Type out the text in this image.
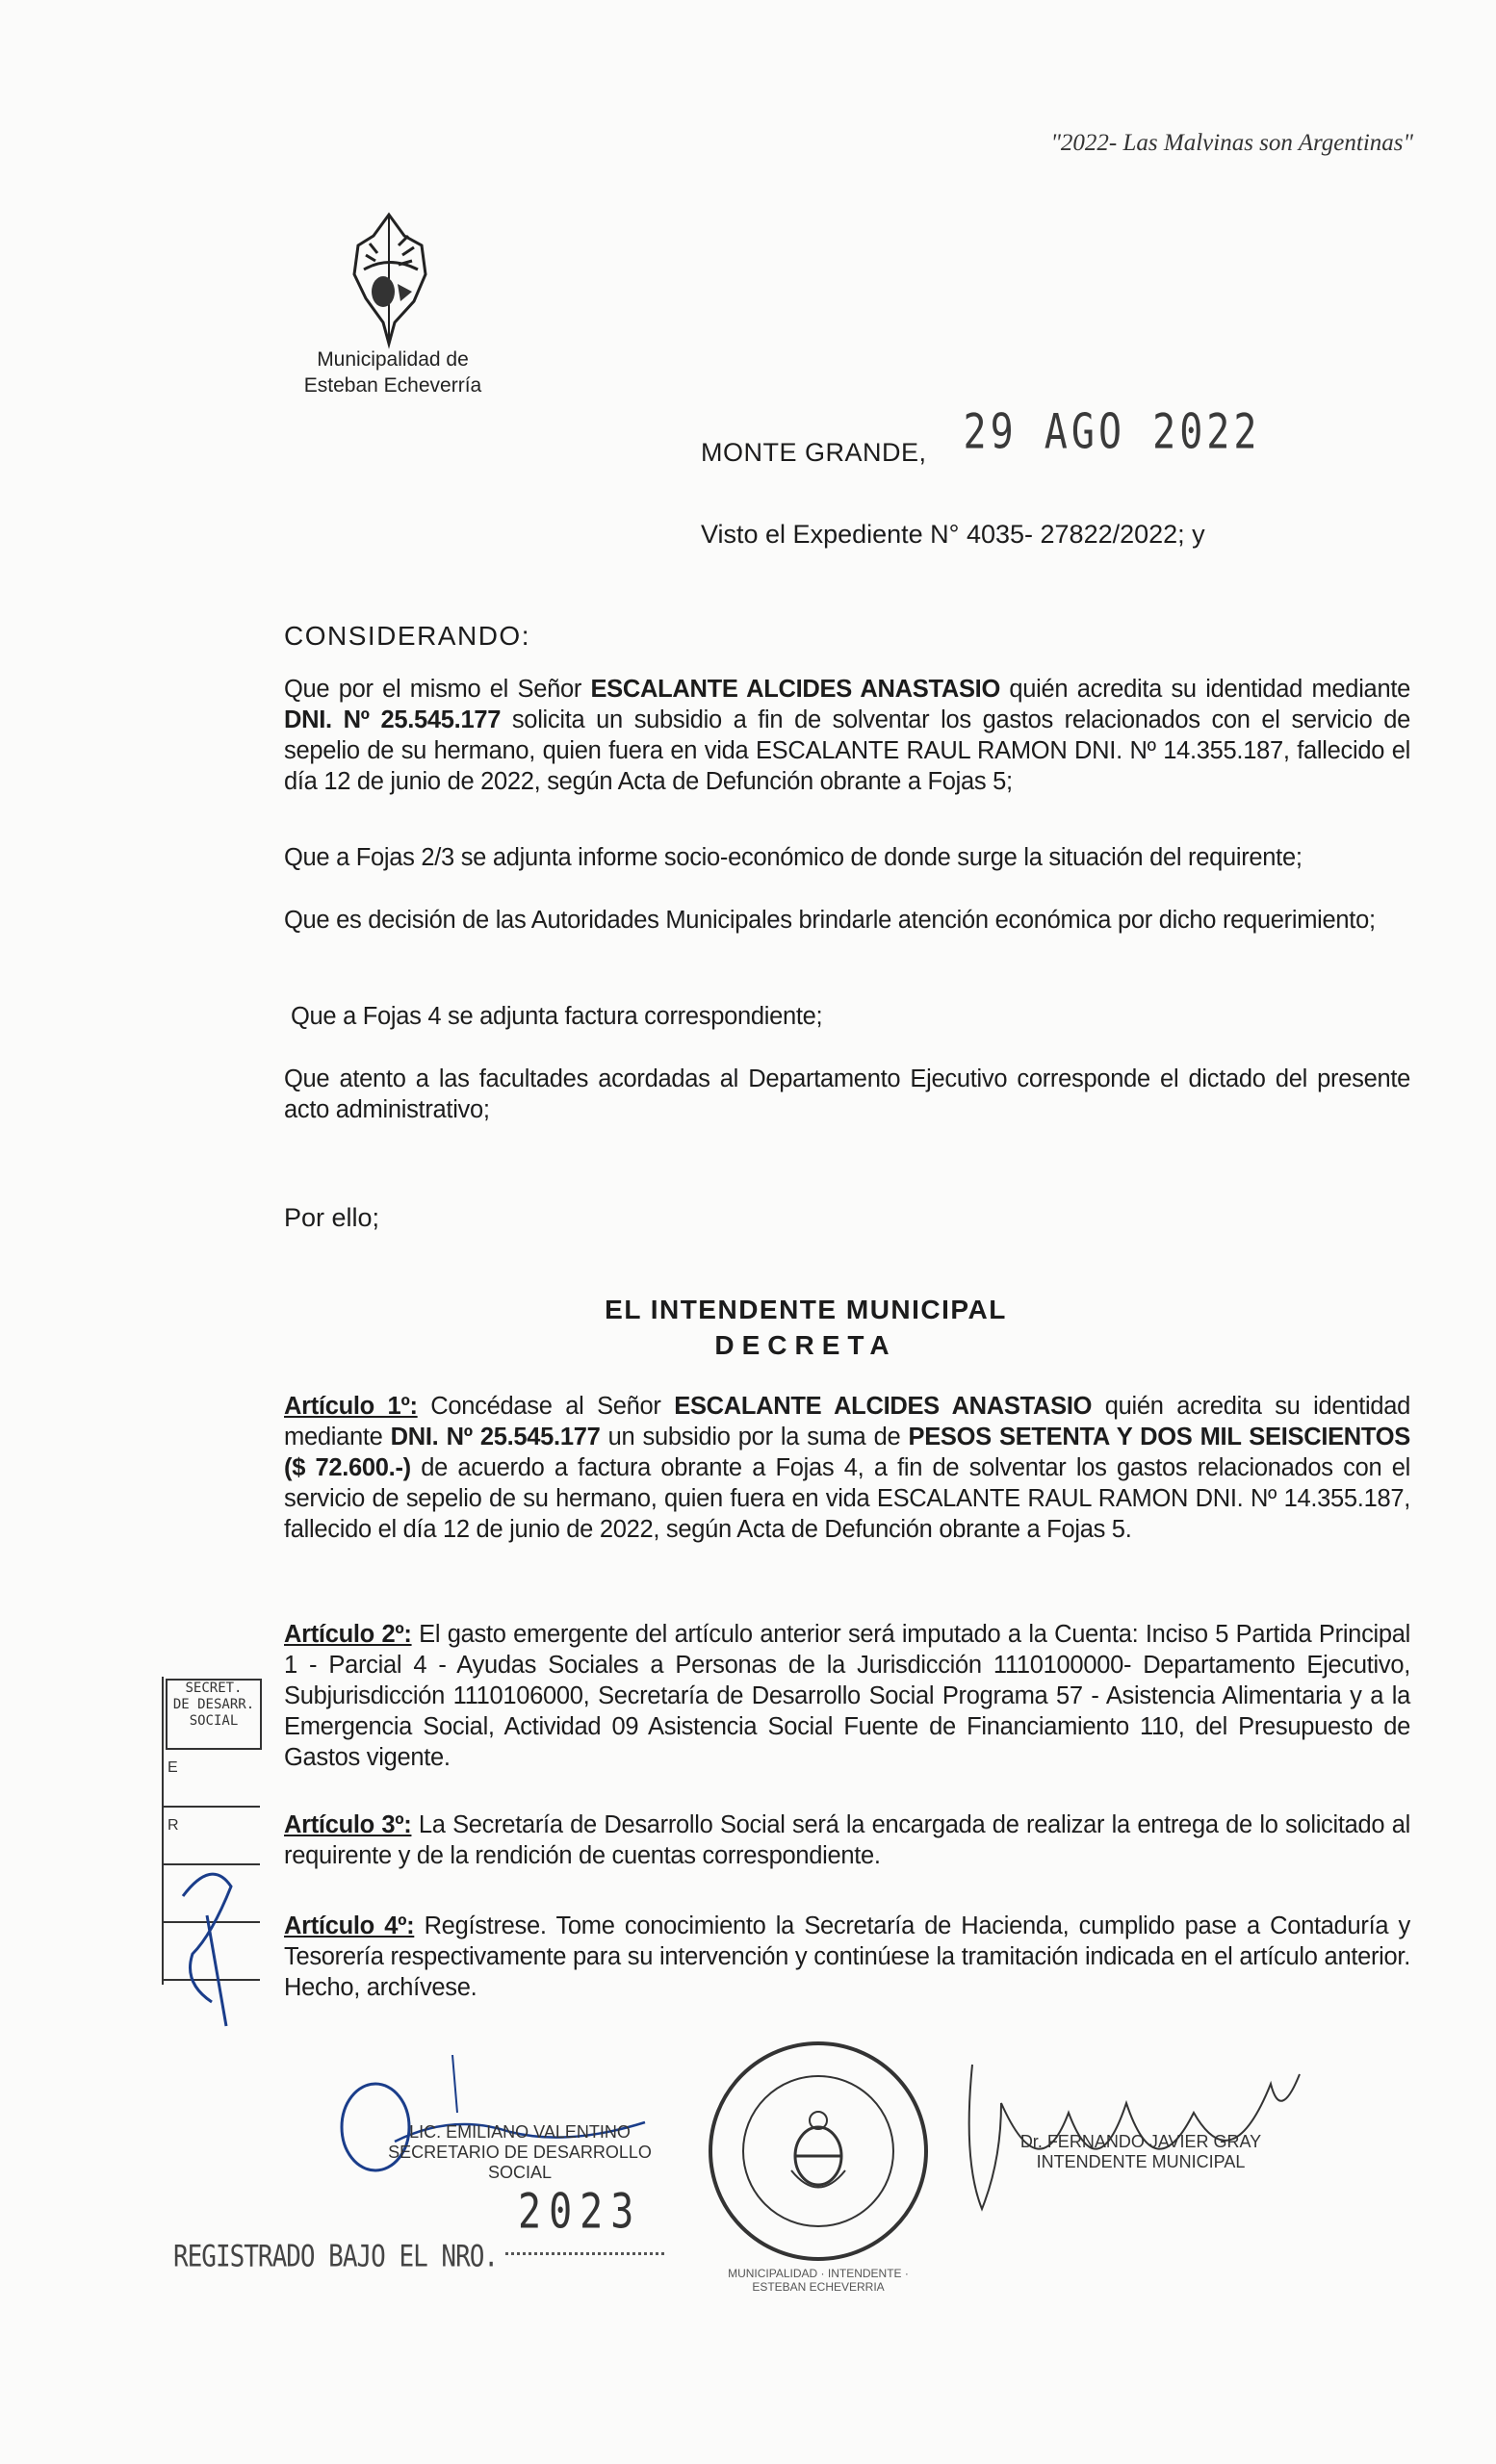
"2022- Las Malvinas son Argentinas"
Municipalidad de
Esteban Echeverría
MONTE GRANDE, 29 AGO 2022
Visto el Expediente N° 4035- 27822/2022; y
CONSIDERANDO:
Que por el mismo el Señor ESCALANTE ALCIDES ANASTASIO quién acredita su identidad mediante DNI. Nº 25.545.177 solicita un subsidio a fin de solventar los gastos relacionados con el servicio de sepelio de su hermano, quien fuera en vida ESCALANTE RAUL RAMON DNI. Nº 14.355.187, fallecido el día 12 de junio de 2022, según Acta de Defunción obrante a Fojas 5;
Que a Fojas 2/3 se adjunta informe socio-económico de donde surge la situación del requirente;
Que es decisión de las Autoridades Municipales brindarle atención económica por dicho requerimiento;
Que a Fojas 4 se adjunta factura correspondiente;
Que atento a las facultades acordadas al Departamento Ejecutivo corresponde el dictado del presente acto administrativo;
Por ello;
EL INTENDENTE MUNICIPAL
DECRETA
Artículo 1º: Concédase al Señor ESCALANTE ALCIDES ANASTASIO quién acredita su identidad mediante DNI. Nº 25.545.177 un subsidio por la suma de PESOS SETENTA Y DOS MIL SEISCIENTOS ($ 72.600.-) de acuerdo a factura obrante a Fojas 4, a fin de solventar los gastos relacionados con el servicio de sepelio de su hermano, quien fuera en vida ESCALANTE RAUL RAMON DNI. Nº 14.355.187, fallecido el día 12 de junio de 2022, según Acta de Defunción obrante a Fojas 5.
Artículo 2º: El gasto emergente del artículo anterior será imputado a la Cuenta: Inciso 5 Partida Principal 1 - Parcial 4 - Ayudas Sociales a Personas de la Jurisdicción 1110100000- Departamento Ejecutivo, Subjurisdicción 1110106000, Secretaría de Desarrollo Social Programa 57 - Asistencia Alimentaria y a la Emergencia Social, Actividad 09 Asistencia Social Fuente de Financiamiento 110, del Presupuesto de Gastos vigente.
Artículo 3º: La Secretaría de Desarrollo Social será la encargada de realizar la entrega de lo solicitado al requirente y de la rendición de cuentas correspondiente.
Artículo 4º: Regístrese. Tome conocimiento la Secretaría de Hacienda, cumplido pase a Contaduría y Tesorería respectivamente para su intervención y continúese la tramitación indicada en el artículo anterior. Hecho, archívese.
SECRET.
DE DESARR.
SOCIAL
E
R
LIC. EMILIANO VALENTINO
SECRETARIO DE DESARROLLO
SOCIAL
MUNICIPALIDAD · INTENDENTE · ESTEBAN ECHEVERRIA
Dr. FERNANDO JAVIER GRAY
INTENDENTE MUNICIPAL
REGISTRADO BAJO EL NRO.
2023
